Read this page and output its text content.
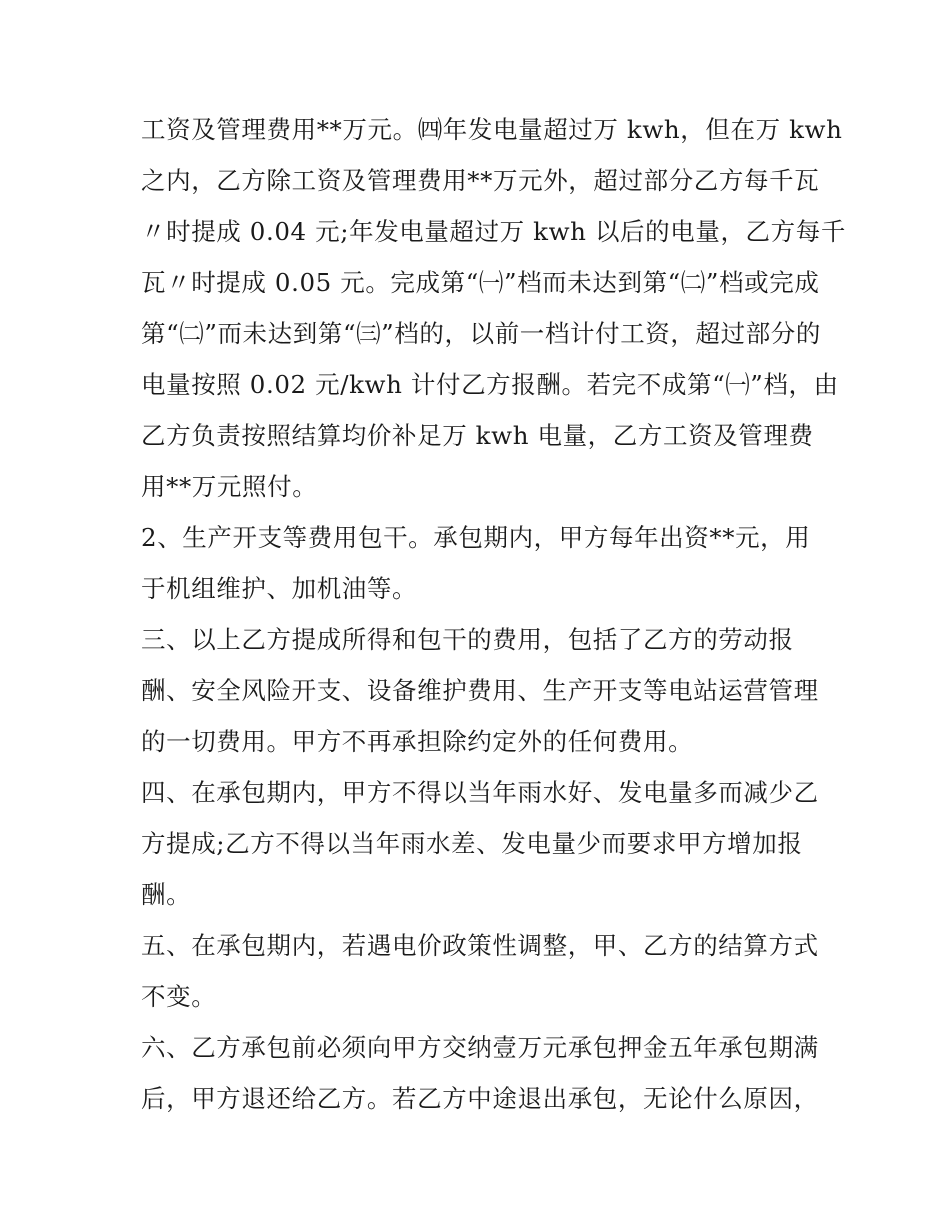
工资及管理费用**万元。㈣年发电量超过万 kwh，但在万 kwh
之内，乙方除工资及管理费用**万元外，超过部分乙方每千瓦
〃时提成 0.04 元;年发电量超过万 kwh 以后的电量，乙方每千
瓦〃时提成 0.05 元。完成第“㈠”档而未达到第“㈡”档或完成
第“㈡”而未达到第“㈢”档的，以前一档计付工资，超过部分的
电量按照 0.02 元/kwh 计付乙方报酬。若完不成第“㈠”档，由
乙方负责按照结算均价补足万 kwh 电量，乙方工资及管理费
用**万元照付。
2、生产开支等费用包干。承包期内，甲方每年出资**元，用
于机组维护、加机油等。
三、以上乙方提成所得和包干的费用，包括了乙方的劳动报
酬、安全风险开支、设备维护费用、生产开支等电站运营管理
的一切费用。甲方不再承担除约定外的任何费用。
四、在承包期内，甲方不得以当年雨水好、发电量多而减少乙
方提成;乙方不得以当年雨水差、发电量少而要求甲方增加报
酬。
五、在承包期内，若遇电价政策性调整，甲、乙方的结算方式
不变。
六、乙方承包前必须向甲方交纳壹万元承包押金五年承包期满
后，甲方退还给乙方。若乙方中途退出承包，无论什么原因，
